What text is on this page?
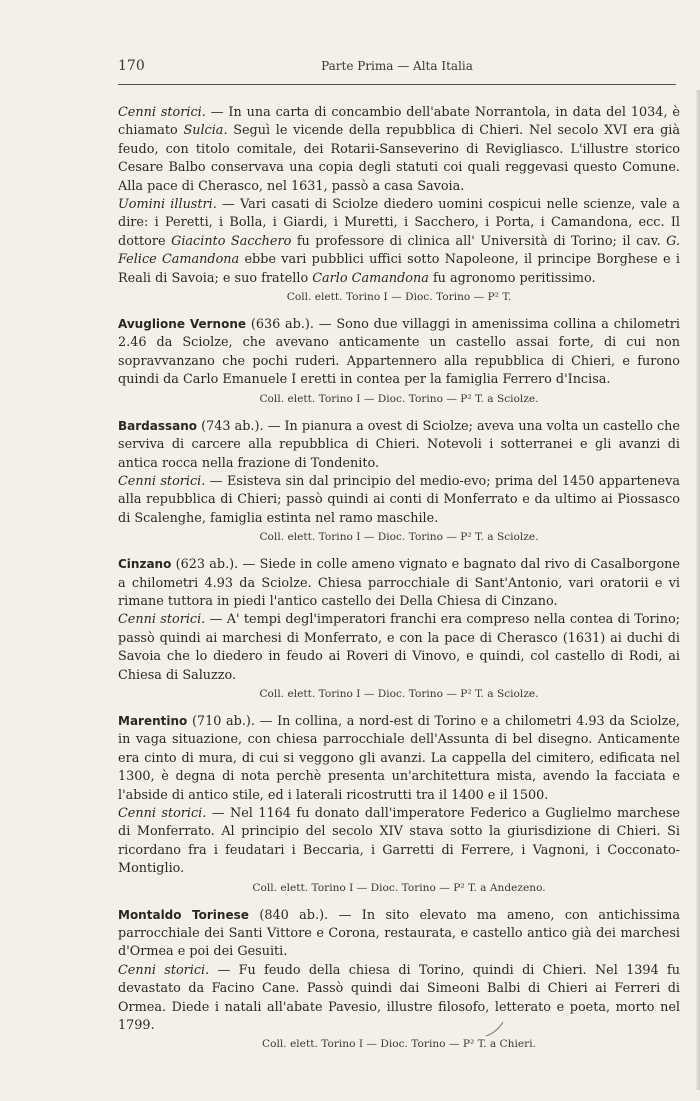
170	Parte Prima — Alta Italia

Cenni storici. — In una carta di concambio dell'abate Norrantola, in data del 1034, è chiamato Sulcia. Seguì le vicende della repubblica di Chieri. Nel secolo XVI era già feudo, con titolo comitale, dei Rotarii-Sanseverino di Revigliasco. L'illustre storico Cesare Balbo conservava una copia degli statuti coi quali reggevasi questo Comune. Alla pace di Cherasco, nel 1631, passò a casa Savoia.

Uomini illustri. — Vari casati di Sciolze diedero uomini cospicui nelle scienze, vale a dire: i Peretti, i Bolla, i Giardi, i Muretti, i Sacchero, i Porta, i Camandona, ecc. Il dottore Giacinto Sacchero fu professore di clinica all' Università di Torino; il cav. G. Felice Camandona ebbe vari pubblici uffici sotto Napoleone, il principe Borghese e i Reali di Savoia; e suo fratello Carlo Camandona fu agronomo peritissimo.

Coll. elett. Torino I — Dioc. Torino — P² T.

Avuglione Vernone (636 ab.). — Sono due villaggi in amenissima collina a chilometri 2.46 da Sciolze, che avevano anticamente un castello assai forte, di cui non sopravvanzano che pochi ruderi. Appartennero alla repubblica di Chieri, e furono quindi da Carlo Emanuele I eretti in contea per la famiglia Ferrero d'Incisa.

Coll. elett. Torino I — Dioc. Torino — P² T. a Sciolze.

Bardassano (743 ab.). — In pianura a ovest di Sciolze; aveva una volta un castello che serviva di carcere alla repubblica di Chieri. Notevoli i sotterranei e gli avanzi di antica rocca nella frazione di Tondenito.

Cenni storici. — Esisteva sin dal principio del medio-evo; prima del 1450 apparteneva alla repubblica di Chieri; passò quindi ai conti di Monferrato e da ultimo ai Piossasco di Scalenghe, famiglia estinta nel ramo maschile.

Coll. elett. Torino I — Dioc. Torino — P² T. a Sciolze.

Cinzano (623 ab.). — Siede in colle ameno vignato e bagnato dal rivo di Casalborgone a chilometri 4.93 da Sciolze. Chiesa parrocchiale di Sant'Antonio, vari oratorii e vi rimane tuttora in piedi l'antico castello dei Della Chiesa di Cinzano.

Cenni storici. — A' tempi degl'imperatori franchi era compreso nella contea di Torino; passò quindi ai marchesi di Monferrato, e con la pace di Cherasco (1631) ai duchi di Savoia che lo diedero in feudo ai Roveri di Vinovo, e quindi, col castello di Rodi, ai Chiesa di Saluzzo.

Coll. elett. Torino I — Dioc. Torino — P² T. a Sciolze.

Marentino (710 ab.). — In collina, a nord-est di Torino e a chilometri 4.93 da Sciolze, in vaga situazione, con chiesa parrocchiale dell'Assunta di bel disegno. Anticamente era cinto di mura, di cui si veggono gli avanzi. La cappella del cimitero, edificata nel 1300, è degna di nota perchè presenta un'architettura mista, avendo la facciata e l'abside di antico stile, ed i laterali ricostrutti tra il 1400 e il 1500.

Cenni storici. — Nel 1164 fu donato dall'imperatore Federico a Guglielmo marchese di Monferrato. Al principio del secolo XIV stava sotto la giurisdizione di Chieri. Si ricordano fra i feudatari i Beccaria, i Garretti di Ferrere, i Vagnoni, i Cocconato-Montiglio.

Coll. elett. Torino I — Dioc. Torino — P² T. a Andezeno.

Montaldo Torinese (840 ab.). — In sito elevato ma ameno, con antichissima parrocchiale dei Santi Vittore e Corona, restaurata, e castello antico già dei marchesi d'Ormea e poi dei Gesuiti.

Cenni storici. — Fu feudo della chiesa di Torino, quindi di Chieri. Nel 1394 fu devastato da Facino Cane. Passò quindi dai Simeoni Balbi di Chieri ai Ferreri di Ormea. Diede i natali all'abate Pavesio, illustre filosofo, letterato e poeta, morto nel 1799.

Coll. elett. Torino I — Dioc. Torino — P² T. a Chieri.
